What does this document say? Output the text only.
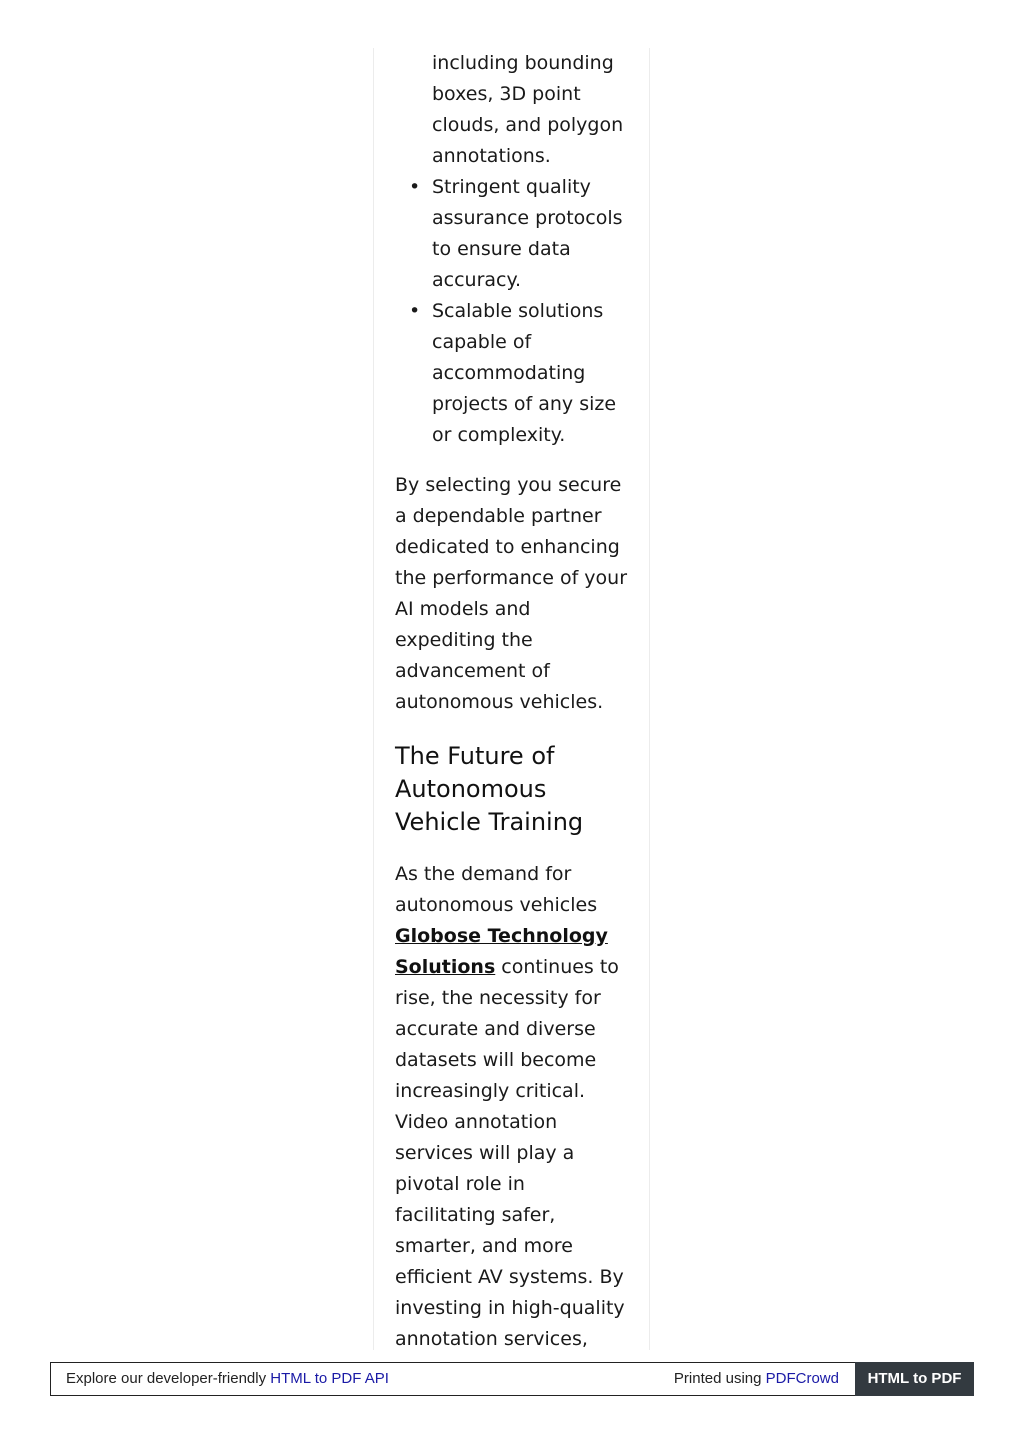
including bounding boxes, 3D point clouds, and polygon annotations.
• Stringent quality assurance protocols to ensure data accuracy.
• Scalable solutions capable of accommodating projects of any size or complexity.

By selecting you secure a dependable partner dedicated to enhancing the performance of your AI models and expediting the advancement of autonomous vehicles.

The Future of Autonomous Vehicle Training

As the demand for autonomous vehicles Globose Technology Solutions continues to rise, the necessity for accurate and diverse datasets will become increasingly critical. Video annotation services will play a pivotal role in facilitating safer, smarter, and more efficient AV systems. By investing in high-quality annotation services,

Explore our developer-friendly HTML to PDF API	Printed using PDFCrowd	HTML to PDF
